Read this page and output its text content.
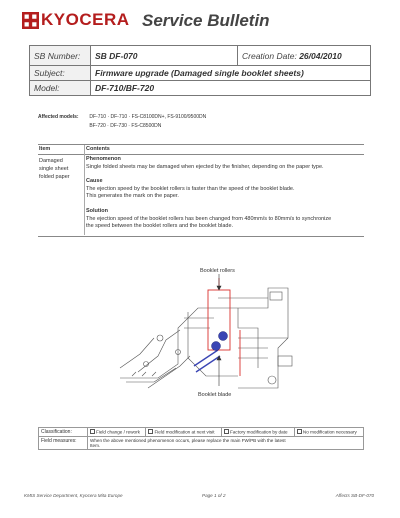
KYOCERA Service Bulletin
SB Number:	SB DF-070	Creation Date: 26/04/2010
Subject:	Firmware upgrade (Damaged single booklet sheets)	
Model:	DF-710/BF-720	
Affected models: DF-710 · DF-710 · FS-C8100DN+, FS-9100/9500DN
BF-720 · DF-730 · FS-C8500DN
Item	Contents
Damaged
single sheet
folded paper
Phenomenon
Single folded sheets may be damaged when ejected by the finisher, depending on the paper type.
Cause
The ejection speed by the booklet rollers is faster than the speed of the booklet blade.
This generates the mark on the paper.
Solution
The ejection speed of the booklet rollers has been changed from 480mm/s to 80mm/s to synchronize
the speed between the booklet rollers and the booklet blade.
Booklet rollers
Booklet blade
Classification:	Field change / rework	Field modification at next visit	Factory modification by date	No modification necessary
Field measures:	When the above mentioned phenomenon occurs, please replace the main FW/PB with the latest
Item.			
KMIS Service Department, Kyocera Mita Europe	Page 1 of 2	Affects SB-DF-070
